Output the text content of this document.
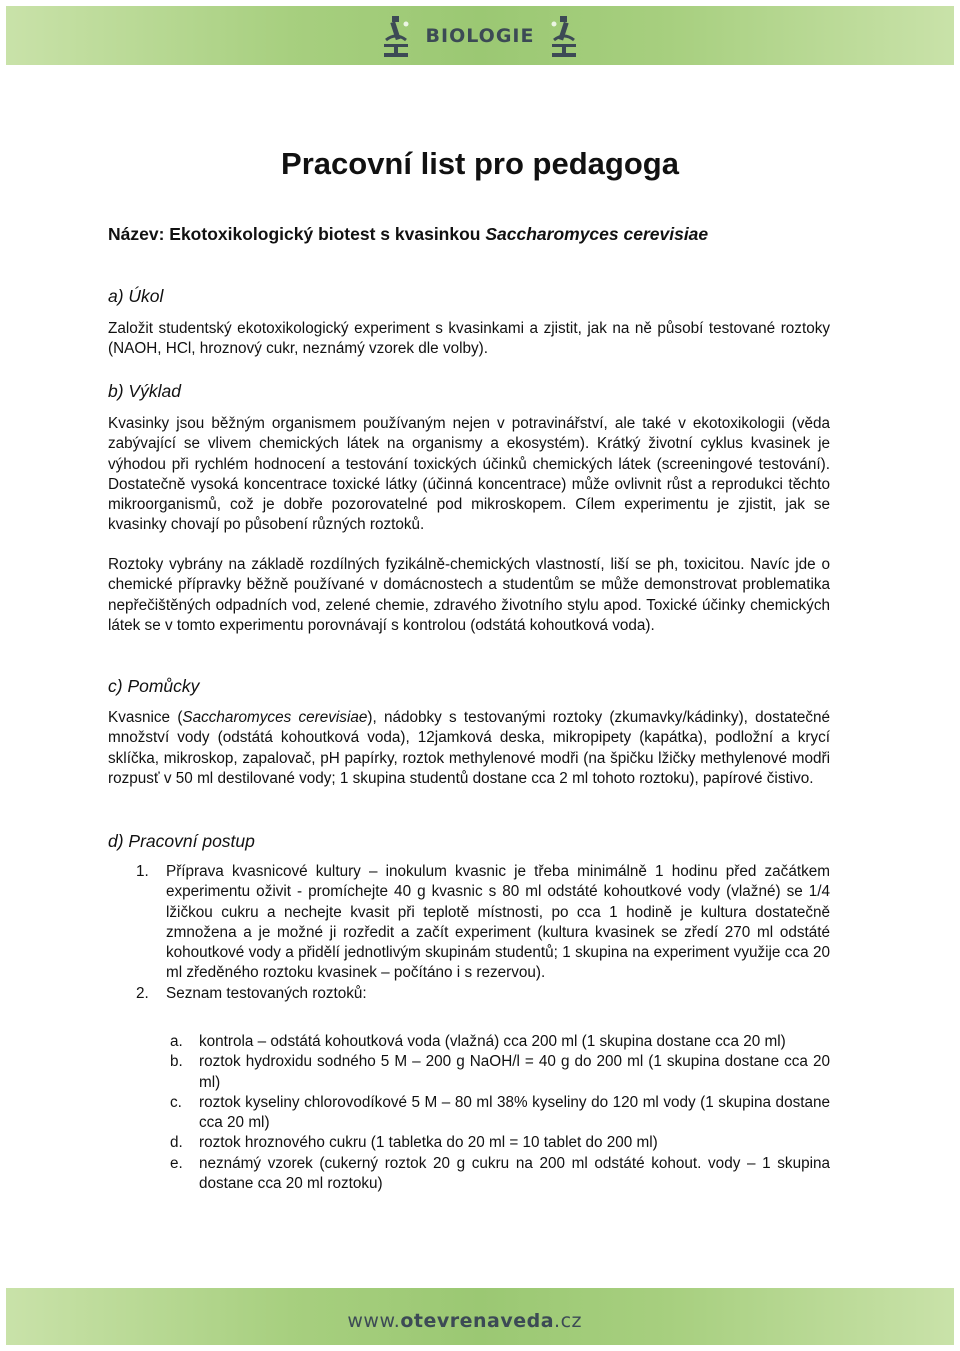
BIOLOGIE
Pracovní list pro pedagoga

Název: Ekotoxikologický biotest s kvasinkou Saccharomyces cerevisiae

a) Úkol

Založit studentský ekotoxikologický experiment s kvasinkami a zjistit, jak na ně působí testované roztoky (NAOH, HCl, hroznový cukr, neznámý vzorek dle volby).

b) Výklad

Kvasinky jsou běžným organismem používaným nejen v potravinářství, ale také v ekotoxikologii (věda zabývající se vlivem chemických látek na organismy a ekosystém). Krátký životní cyklus kvasinek je výhodou při rychlém hodnocení a testování toxických účinků chemických látek (screeningové testování). Dostatečně vysoká koncentrace toxické látky (účinná koncentrace) může ovlivnit růst a reprodukci těchto mikroorganismů, což je dobře pozorovatelné pod mikroskopem. Cílem experimentu je zjistit, jak se kvasinky chovají po působení různých roztoků.

Roztoky vybrány na základě rozdílných fyzikálně-chemických vlastností, liší se ph, toxicitou. Navíc jde o chemické přípravky běžně používané v domácnostech a studentům se může demonstrovat problematika nepřečištěných odpadních vod, zelené chemie, zdravého životního stylu apod. Toxické účinky chemických látek se v tomto experimentu porovnávají s kontrolou (odstátá kohoutková voda).

c) Pomůcky

Kvasnice (Saccharomyces cerevisiae), nádobky s testovanými roztoky (zkumavky/kádinky), dostatečné množství vody (odstátá kohoutková voda), 12jamková deska, mikropipety (kapátka), podložní a krycí sklíčka, mikroskop, zapalovač, pH papírky, roztok methylenové modři (na špičku lžičky methylenové modři rozpusť v 50 ml destilované vody; 1 skupina studentů dostane cca 2 ml tohoto roztoku), papírové čistivo.

d) Pracovní postup
1. Příprava kvasnicové kultury – inokulum kvasnic je třeba minimálně 1 hodinu před začátkem experimentu oživit - promíchejte 40 g kvasnic s 80 ml odstáté kohoutkové vody (vlažné) se 1/4 lžičkou cukru a nechejte kvasit při teplotě místnosti, po cca 1 hodině je kultura dostatečně zmnožena a je možné ji rozředit a začít experiment (kultura kvasinek se zředí 270 ml odstáté kohoutkové vody a přidělí jednotlivým skupinám studentů; 1 skupina na experiment využije cca 20 ml zředěného roztoku kvasinek – počítáno i s rezervou).
2. Seznam testovaných roztoků:
a. kontrola – odstátá kohoutková voda (vlažná) cca 200 ml (1 skupina dostane cca 20 ml)
b. roztok hydroxidu sodného 5 M – 200 g NaOH/l = 40 g do 200 ml (1 skupina dostane cca 20 ml)
c. roztok kyseliny chlorovodíkové 5 M – 80 ml 38% kyseliny do 120 ml vody (1 skupina dostane cca 20 ml)
d. roztok hroznového cukru (1 tabletka do 20 ml = 10 tablet do 200 ml)
e. neznámý vzorek (cukerný roztok 20 g cukru na 200 ml odstáté kohout. vody – 1 skupina dostane cca 20 ml roztoku)
www.otevrenaveda.cz
